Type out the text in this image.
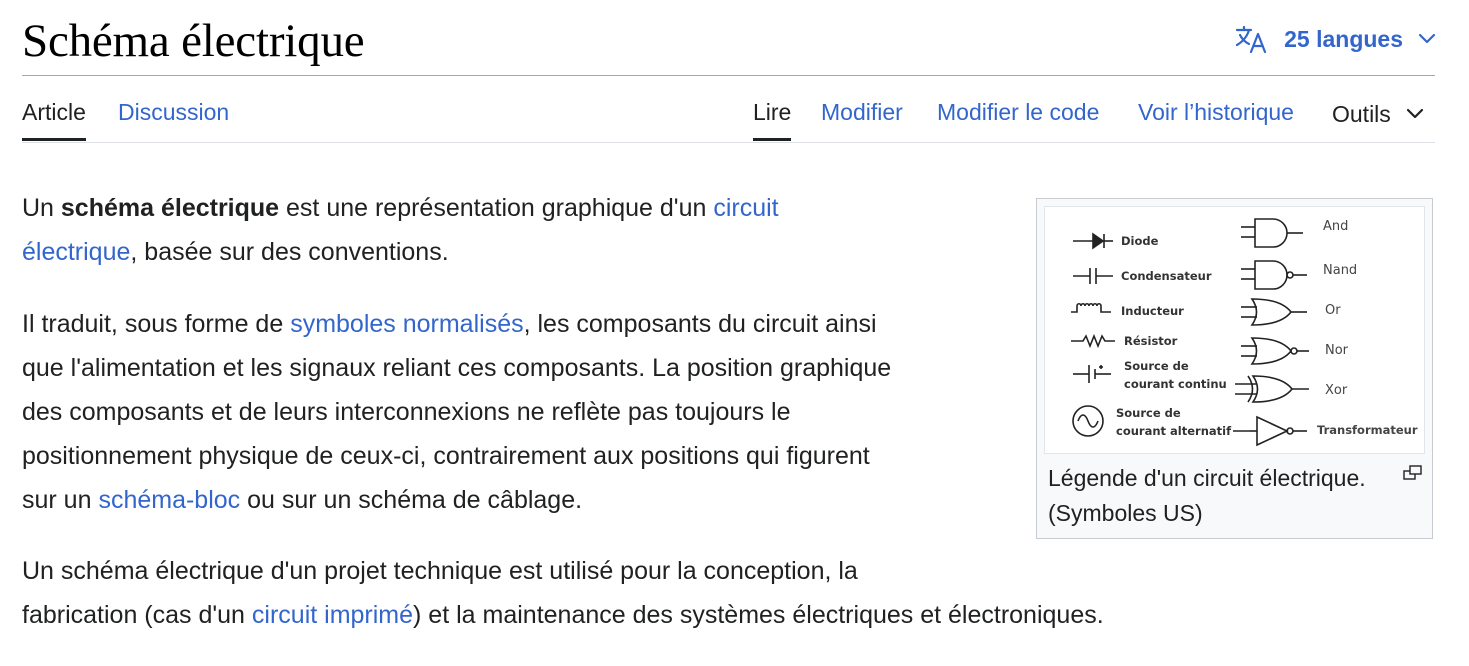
Schéma électrique	25 langues
Article Discussion	Lire Modifier Modifier le code Voir l’historique Outils

Un schéma électrique est une représentation graphique d'un circuit
électrique, basée sur des conventions.

Il traduit, sous forme de symboles normalisés, les composants du circuit ainsi
que l'alimentation et les signaux reliant ces composants. La position graphique
des composants et de leurs interconnexions ne reflète pas toujours le
positionnement physique de ceux-ci, contrairement aux positions qui figurent
sur un schéma-bloc ou sur un schéma de câblage.

Un schéma électrique d'un projet technique est utilisé pour la conception, la
fabrication (cas d'un circuit imprimé) et la maintenance des systèmes électriques et électroniques.

Diode
Condensateur
Inducteur
Résistor
Source de
courant continu
Source de
courant alternatif
And
Nand
Or
Nor
Xor
Transformateur
Légende d'un circuit électrique.
(Symboles US)
